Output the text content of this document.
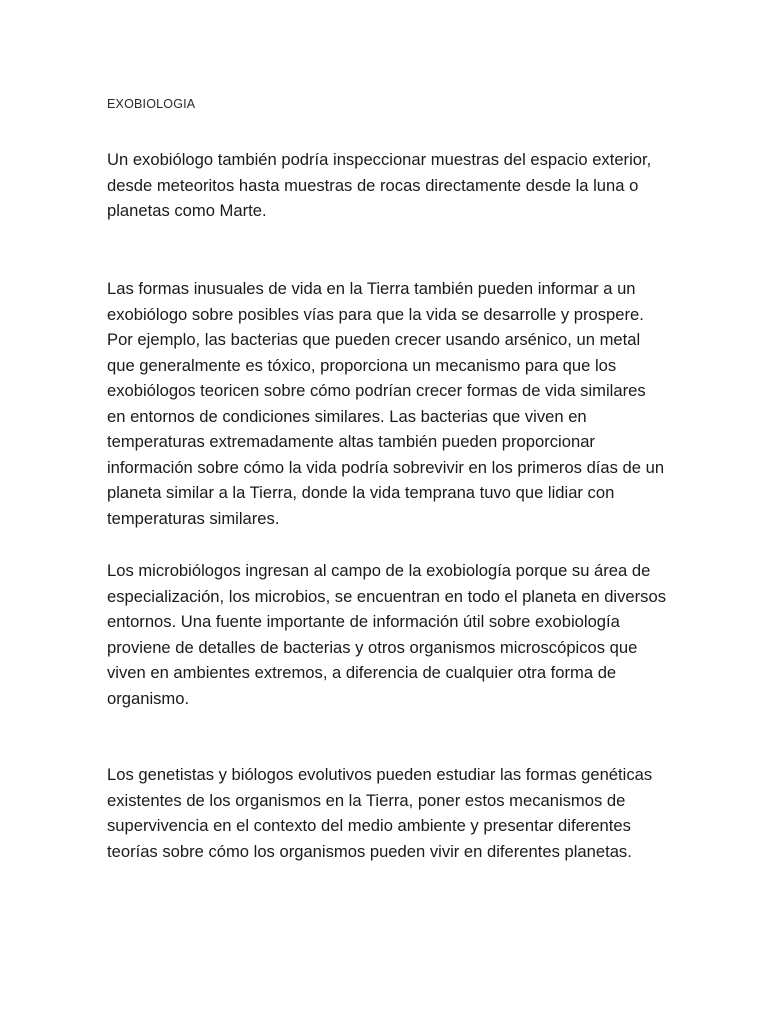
EXOBIOLOGIA

Un exobiólogo también podría inspeccionar muestras del espacio exterior, desde meteoritos hasta muestras de rocas directamente desde la luna o planetas como Marte.

Las formas inusuales de vida en la Tierra también pueden informar a un exobiólogo sobre posibles vías para que la vida se desarrolle y prospere. Por ejemplo, las bacterias que pueden crecer usando arsénico, un metal que generalmente es tóxico, proporciona un mecanismo para que los exobiólogos teoricen sobre cómo podrían crecer formas de vida similares en entornos de condiciones similares. Las bacterias que viven en temperaturas extremadamente altas también pueden proporcionar información sobre cómo la vida podría sobrevivir en los primeros días de un planeta similar a la Tierra, donde la vida temprana tuvo que lidiar con temperaturas similares.

Los microbiólogos ingresan al campo de la exobiología porque su área de especialización, los microbios, se encuentran en todo el planeta en diversos entornos. Una fuente importante de información útil sobre exobiología proviene de detalles de bacterias y otros organismos microscópicos que viven en ambientes extremos, a diferencia de cualquier otra forma de organismo.

Los genetistas y biólogos evolutivos pueden estudiar las formas genéticas existentes de los organismos en la Tierra, poner estos mecanismos de supervivencia en el contexto del medio ambiente y presentar diferentes teorías sobre cómo los organismos pueden vivir en diferentes planetas.
